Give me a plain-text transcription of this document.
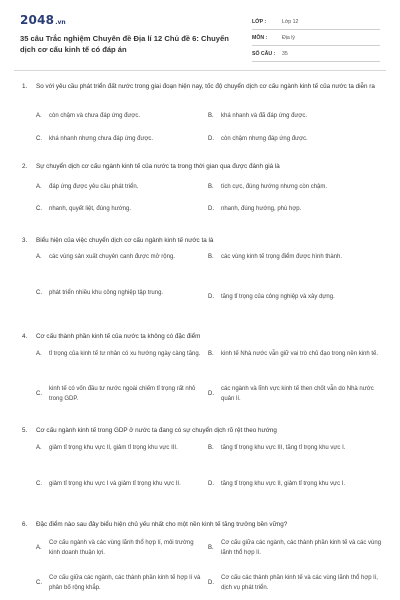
2048 .vn
35 câu Trắc nghiệm Chuyên đề Địa lí 12 Chủ đề 6: Chuyển dịch cơ cấu kinh tế có đáp án
LỚP :	Lớp 12
MÔN :	Địa lý
SỐ CÂU :	35
1.	So với yêu cầu phát triển đất nước trong giai đoạn hiện nay, tốc độ chuyển dịch cơ cấu ngành kinh tế của nước ta diễn ra
A.	còn chậm và chưa đáp ứng được.	B.	khá nhanh và đã đáp ứng được.
C.	khá nhanh nhưng chưa đáp ứng được.	D.	còn chậm nhưng đáp ứng được.
2.	Sự chuyển dịch cơ cấu ngành kinh tế của nước ta trong thời gian qua được đánh giá là
A.	đáp ứng được yêu cầu phát triển.	B.	tích cực, đúng hướng nhưng còn chậm.
C.	nhanh, quyết liệt, đúng hướng.	D.	nhanh, đúng hướng, phù hợp.
3.	Biểu hiện của việc chuyển dịch cơ cấu ngành kinh tế nước ta là
A.	các vùng sản xuất chuyên canh được mở rộng.	B.	các vùng kinh tế trọng điểm được hình thành.
C.	phát triển nhiều khu công nghiệp tập trung.
D.	tăng tỉ trọng của công nghiệp và xây dựng.
4.	Cơ cấu thành phần kinh tế của nước ta không có đặc điểm
A.	tỉ trọng của kinh tế tư nhân có xu hướng ngày càng tăng.	B.	kinh tế Nhà nước vẫn giữ vai trò chủ đạo trong nền kinh tế.
C.
kinh tế có vốn đầu tư nước ngoài chiếm tỉ trọng rất nhỏ trong GDP.
D.
các ngành và lĩnh vực kinh tế then chốt vẫn do Nhà nước quản lí.
5.	Cơ cấu ngành kinh tế trong GDP ở nước ta đang có sự chuyển dịch rõ rệt theo hướng
A.	giảm tỉ trọng khu vực II, giảm tỉ trọng khu vực III.	B.	tăng tỉ trọng khu vực III, tăng tỉ trọng khu vực I.
C.	giảm tỉ trọng khu vực I và giảm tỉ trọng khu vực II.	D.	tăng tỉ trọng khu vực II, giảm tỉ trọng khu vực I.
6.	Đặc điểm nào sau đây biểu hiện chủ yếu nhất cho một nền kinh tế tăng trưởng bền vững?
A.
Cơ cấu ngành và các vùng lãnh thổ hợp lí, môi trường kinh doanh thuận lợi.
B.
Cơ cấu giữa các ngành, các thành phần kinh tế và các vùng lãnh thổ hợp lí.
C.
Cơ cấu giữa các ngành, các thành phần kinh tế hợp lí và phân bố rộng khắp.
D.
Cơ cấu các thành phần kinh tế và các vùng lãnh thổ hợp lí, dịch vụ phát triển.
